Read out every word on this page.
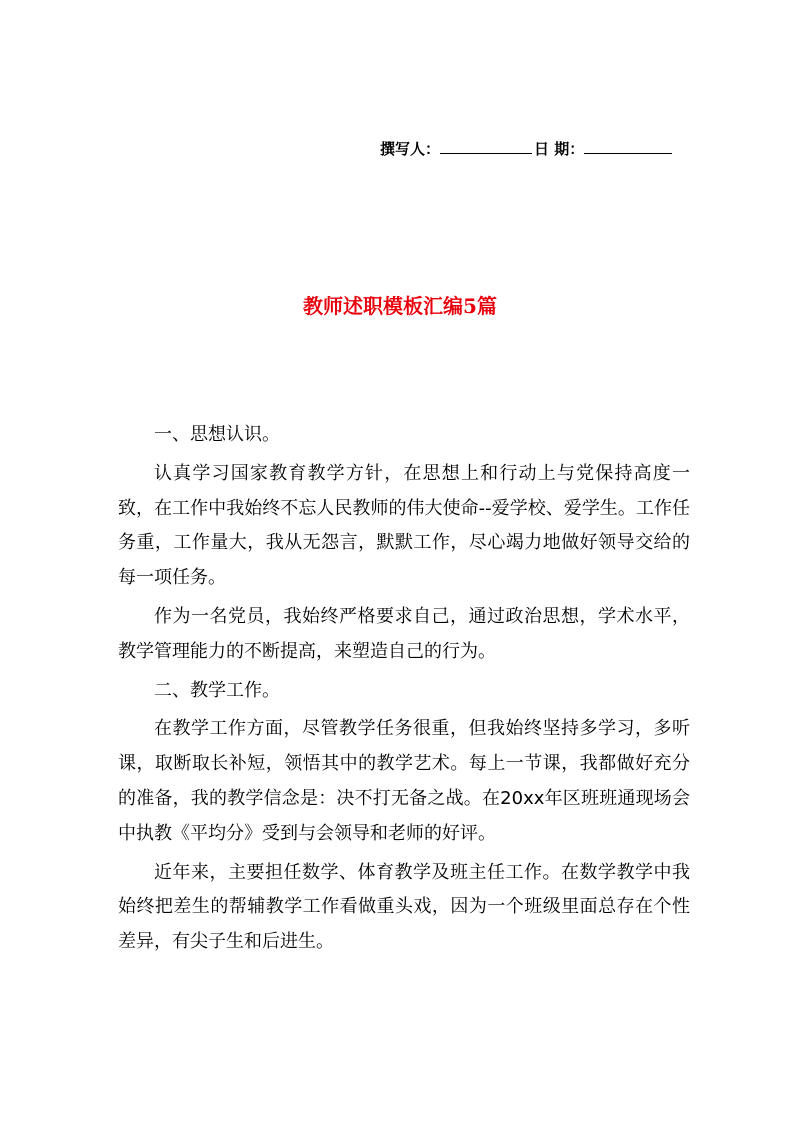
撰写人：	日 期：
教师述职模板汇编5篇

一、思想认识。

认真学习国家教育教学方针，在思想上和行动上与党保持高度一致，在工作中我始终不忘人民教师的伟大使命--爱学校、爱学生。工作任务重，工作量大，我从无怨言，默默工作，尽心竭力地做好领导交给的每一项任务。

作为一名党员，我始终严格要求自己，通过政治思想，学术水平，教学管理能力的不断提高，来塑造自己的行为。

二、教学工作。

在教学工作方面，尽管教学任务很重，但我始终坚持多学习，多听课，取断取长补短，领悟其中的教学艺术。每上一节课，我都做好充分的准备，我的教学信念是：决不打无备之战。在20xx年区班班通现场会中执教《平均分》受到与会领导和老师的好评。

近年来，主要担任数学、体育教学及班主任工作。在数学教学中我始终把差生的帮辅教学工作看做重头戏，因为一个班级里面总存在个性差异，有尖子生和后进生。
